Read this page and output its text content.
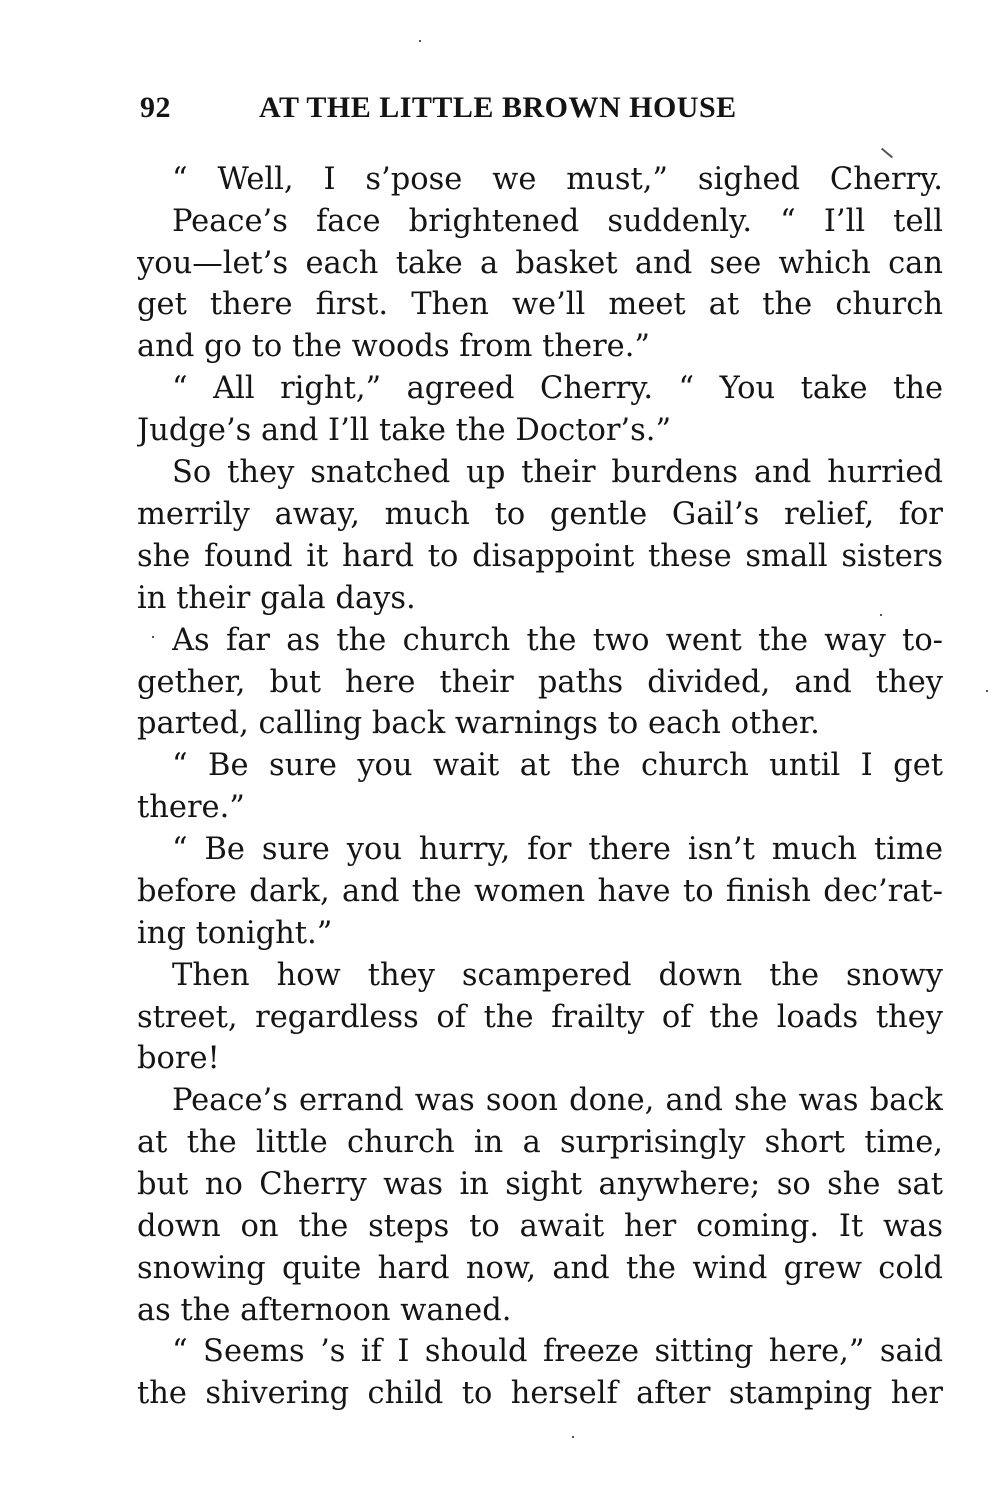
92	AT THE LITTLE BROWN HOUSE
“ Well, I s’pose we must,” sighed Cherry.
Peace’s face brightened suddenly. “ I’ll tell
you—let’s each take a basket and see which can
get there first. Then we’ll meet at the church
and go to the woods from there.”
“ All right,” agreed Cherry. “ You take the
Judge’s and I’ll take the Doctor’s.”
So they snatched up their burdens and hurried
merrily away, much to gentle Gail’s relief, for
she found it hard to disappoint these small sisters
in their gala days.
As far as the church the two went the way to-
gether, but here their paths divided, and they
parted, calling back warnings to each other.
“ Be sure you wait at the church until I get
there.”
“ Be sure you hurry, for there isn’t much time
before dark, and the women have to finish dec’rat-
ing tonight.”
Then how they scampered down the snowy
street, regardless of the frailty of the loads they
bore!
Peace’s errand was soon done, and she was back
at the little church in a surprisingly short time,
but no Cherry was in sight anywhere; so she sat
down on the steps to await her coming. It was
snowing quite hard now, and the wind grew cold
as the afternoon waned.
“ Seems ’s if I should freeze sitting here,” said
the shivering child to herself after stamping her
